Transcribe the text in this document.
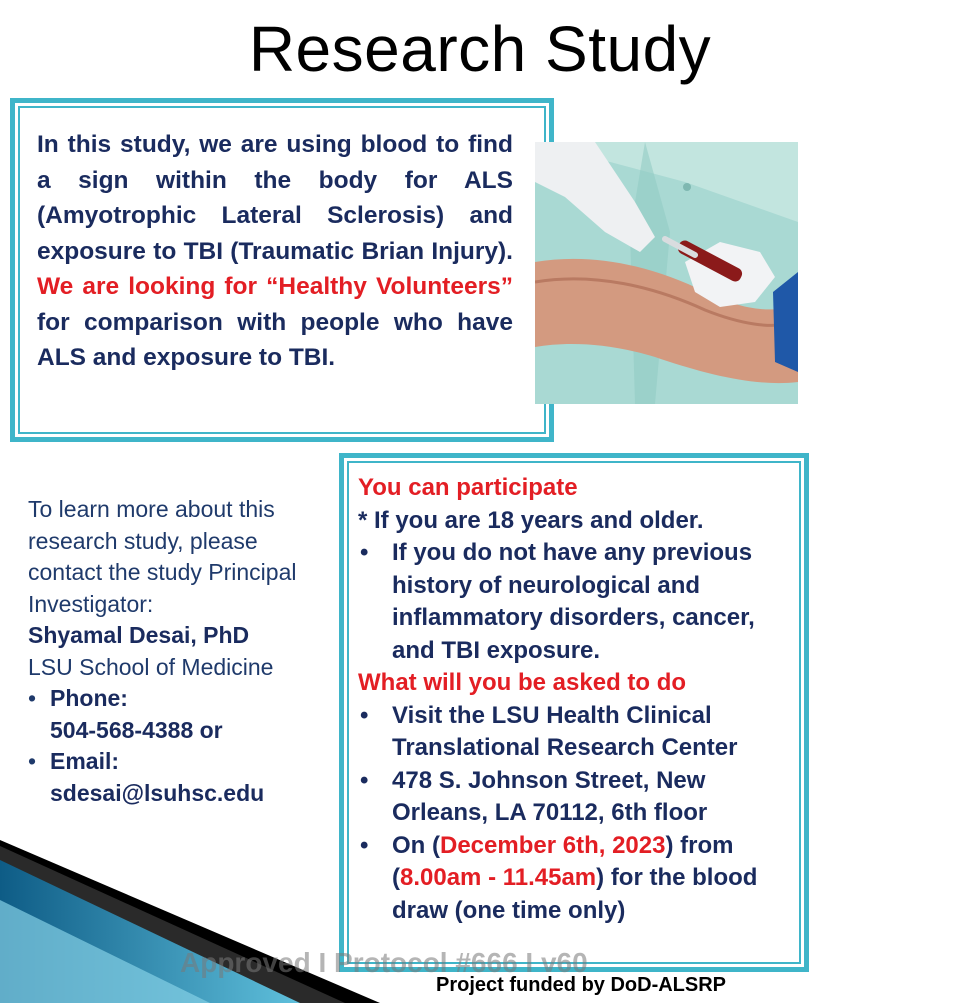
Research Study

In this study, we are using blood to find a sign within the body for ALS (Amyotrophic Lateral Sclerosis) and exposure to TBI (Traumatic Brian Injury). We are looking for “Healthy Volunteers” for comparison with people who have ALS and exposure to TBI.

To learn more about this research study, please contact the study Principal Investigator:
Shyamal Desai, PhD
LSU School of Medicine
• Phone:
504-568-4388 or
• Email:
sdesai@lsuhsc.edu
You can participate
* If you are 18 years and older.
• If you do not have any previous history of neurological and inflammatory disorders, cancer, and TBI exposure.
What will you be asked to do
• Visit the LSU Health Clinical Translational Research Center
• 478 S. Johnson Street, New Orleans, LA 70112, 6th floor
• On (December 6th, 2023) from (8.00am - 11.45am) for the blood draw (one time only)
Approved I Protocol #666 I v60
Project funded by DoD-ALSRP
